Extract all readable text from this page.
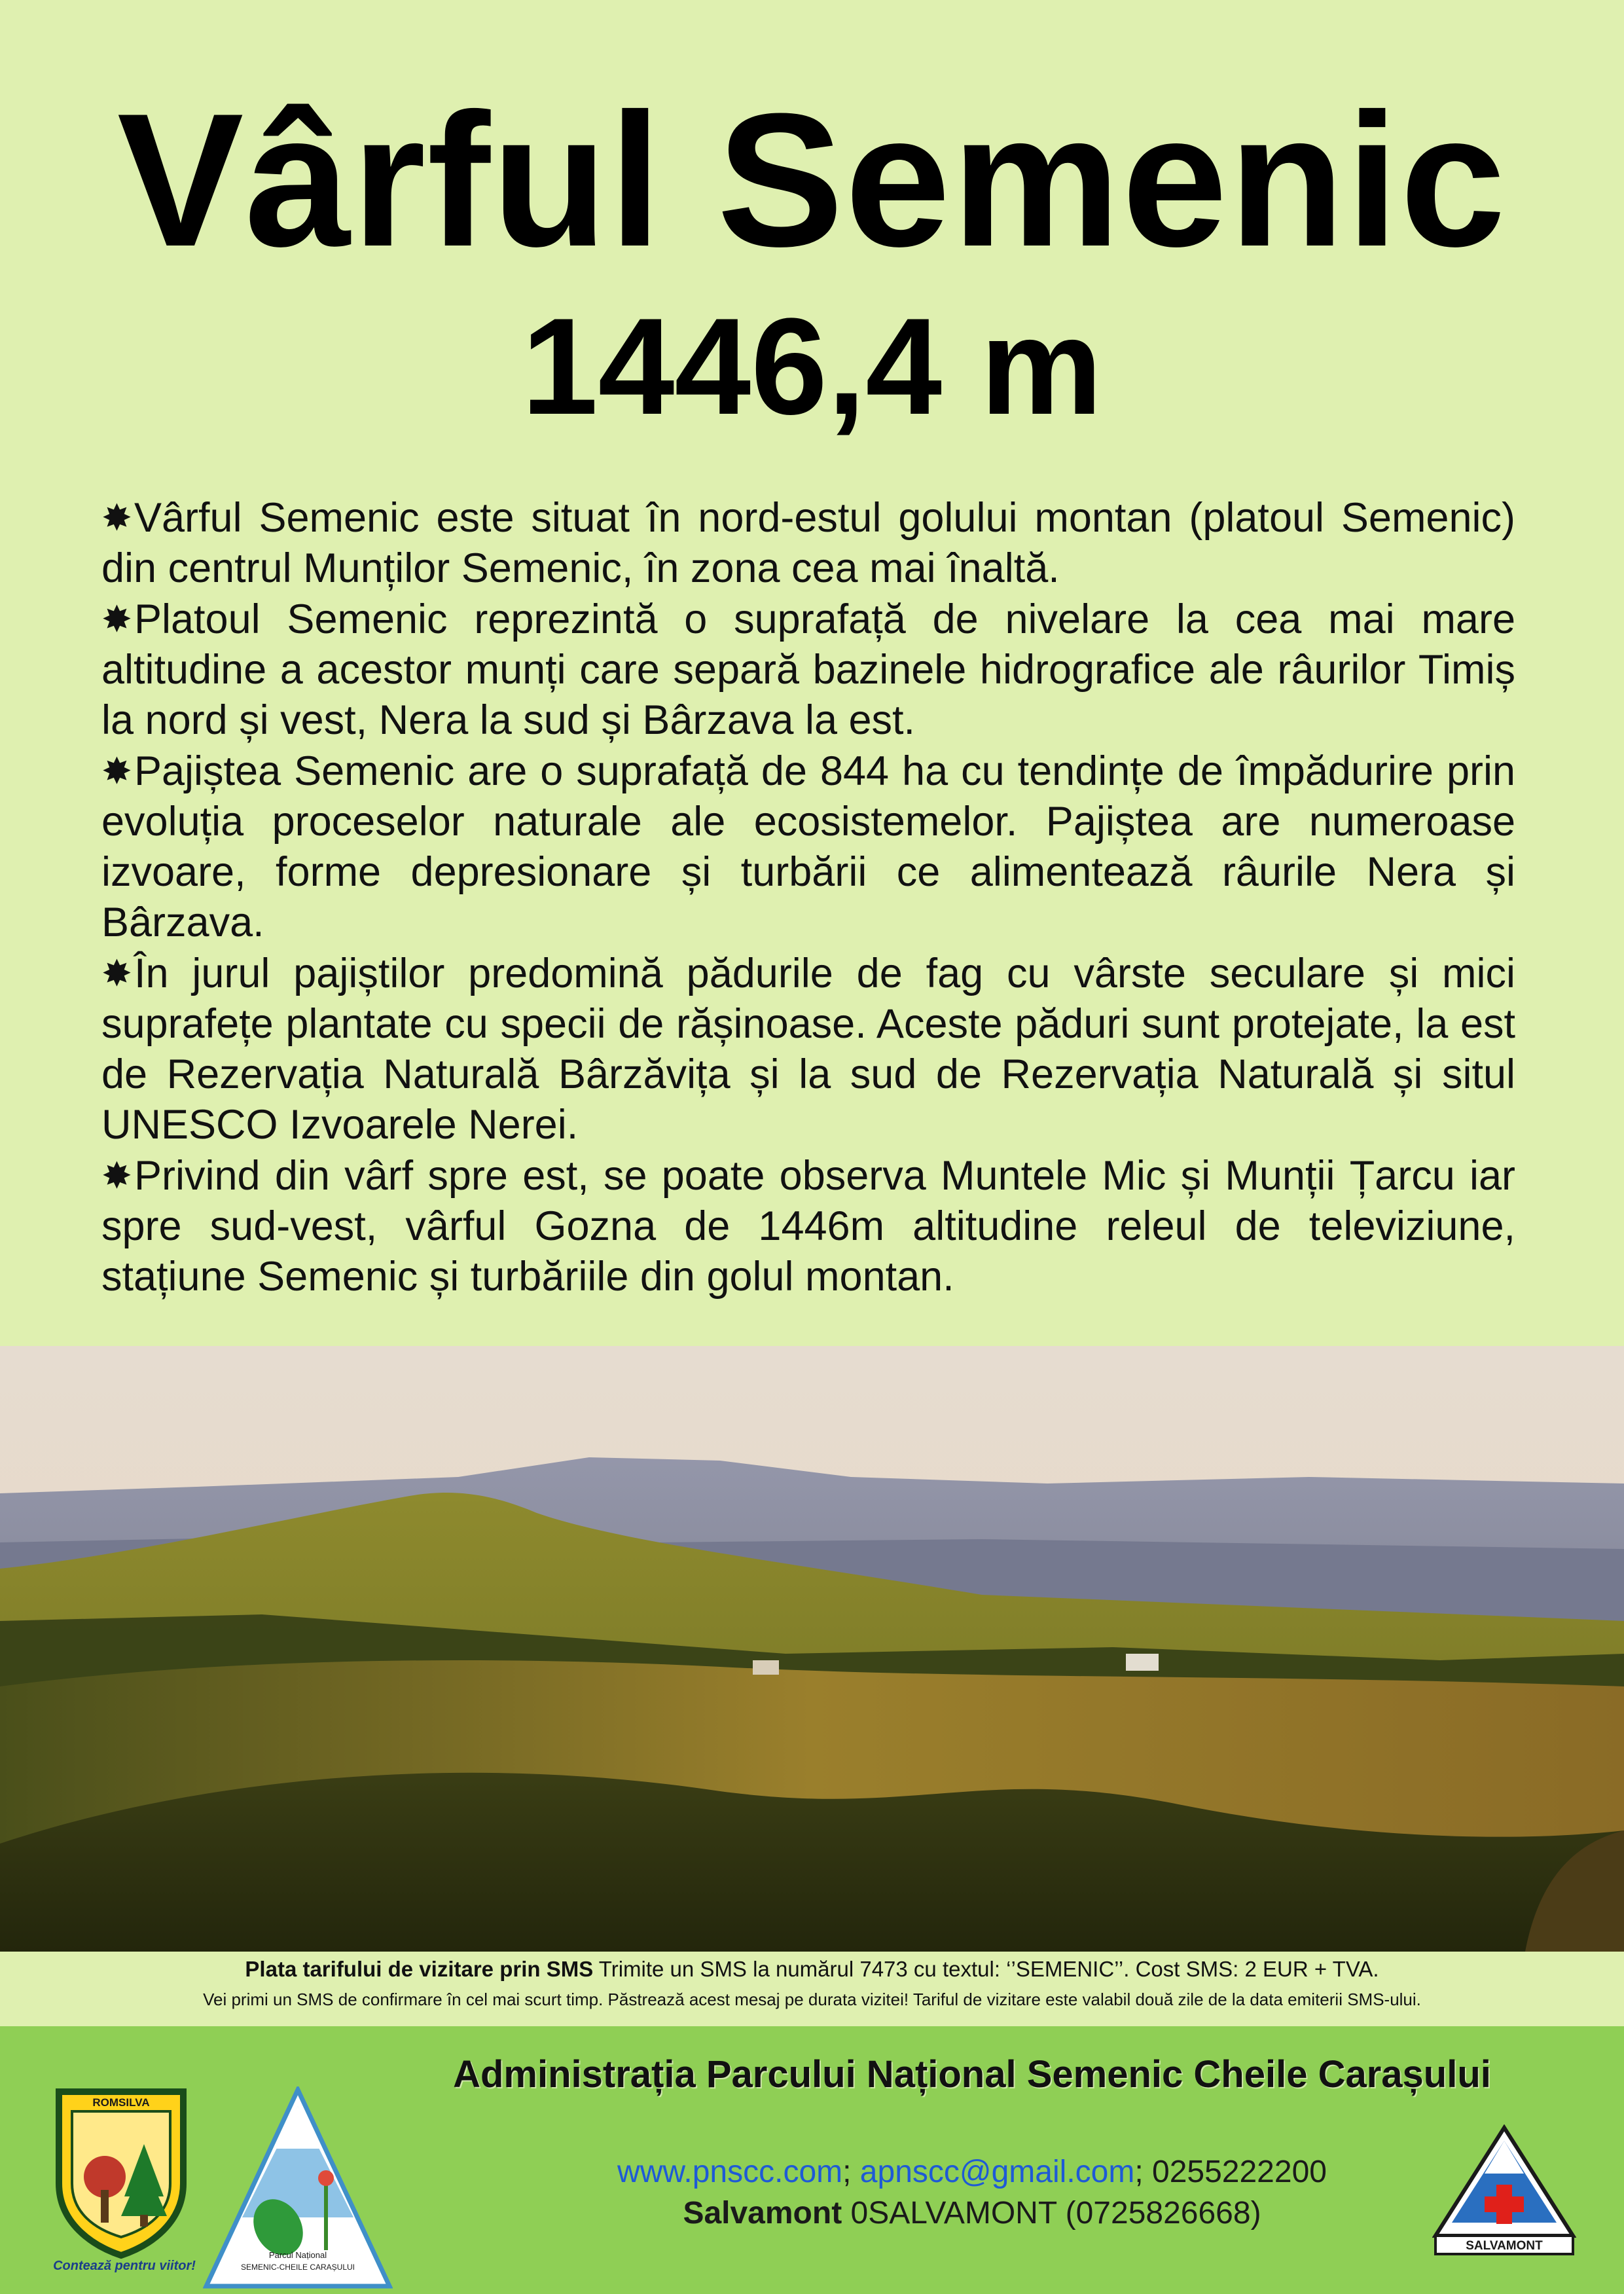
Vârful Semenic
1446,4 m

✸Vârful Semenic este situat în nord-estul golului montan (platoul Semenic) din centrul Munților Semenic, în zona cea mai înaltă.

✸Platoul Semenic reprezintă o suprafață de nivelare la cea mai mare altitudine a acestor munți care separă bazinele hidrografice ale râurilor Timiș la nord și vest, Nera la sud și Bârzava la est.

✸Pajiștea Semenic are o suprafață de 844 ha cu tendințe de împădurire prin evoluția proceselor naturale ale ecosistemelor. Pajiștea are numeroase izvoare, forme depresionare și turbării ce alimentează râurile Nera și Bârzava.

✸În jurul pajiștilor predomină pădurile de fag cu vârste seculare și mici suprafețe plantate cu specii de rășinoase. Aceste păduri sunt protejate, la est de Rezervația Naturală Bârzăvița și la sud de Rezervația Naturală și situl UNESCO Izvoarele Nerei.

✸Privind din vârf spre est, se poate observa Muntele Mic și Munții Țarcu iar spre sud-vest, vârful Gozna de 1446m altitudine releul de televiziune, stațiune Semenic și turbăriile din golul montan.

Plata tarifului de vizitare prin SMS Trimite un SMS la numărul 7473 cu textul: ‘’SEMENIC’’. Cost SMS: 2 EUR + TVA.
Vei primi un SMS de confirmare în cel mai scurt timp. Păstrează acest mesaj pe durata vizitei! Tariful de vizitare este valabil două zile de la data emiterii SMS-ului.
ROMSILVA
Contează pentru viitor!
Parcul Național
SEMENIC-CHEILE CARAȘULUI
Administrația Parcului Național Semenic Cheile Carașului
www.pnscc.com; apnscc@gmail.com; 0255222200
Salvamont 0SALVAMONT (0725826668)
SALVAMONT
